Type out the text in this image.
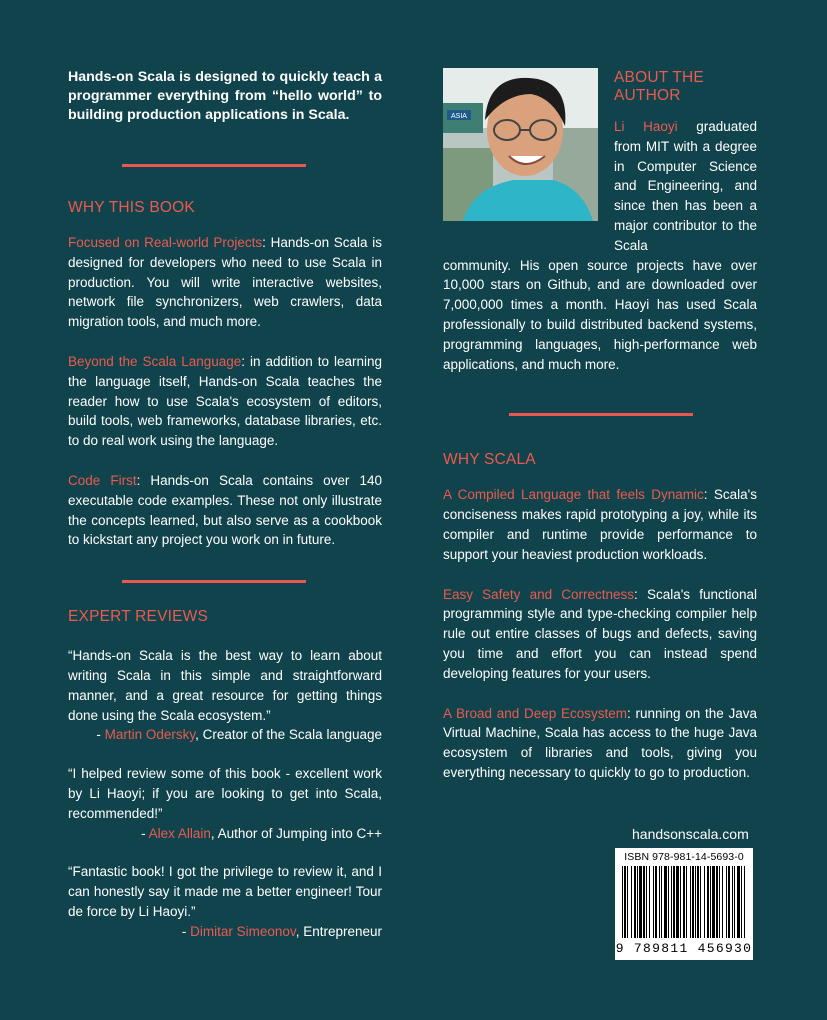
Hands-on Scala is designed to quickly teach a programmer everything from “hello world” to building production applications in Scala.

WHY THIS BOOK

Focused on Real-world Projects: Hands-on Scala is designed for developers who need to use Scala in production. You will write interactive websites, network file synchronizers, web crawlers, data migration tools, and much more.

Beyond the Scala Language: in addition to learning the language itself, Hands-on Scala teaches the reader how to use Scala's ecosystem of editors, build tools, web frameworks, database libraries, etc. to do real work using the language.

Code First: Hands-on Scala contains over 140 executable code examples. These not only illustrate the concepts learned, but also serve as a cookbook to kickstart any project you work on in future.

EXPERT REVIEWS

“Hands-on Scala is the best way to learn about writing Scala in this simple and straightforward manner, and a great resource for getting things done using the Scala ecosystem.”

- Martin Odersky, Creator of the Scala language

“I helped review some of this book - excellent work by Li Haoyi; if you are looking to get into Scala, recommended!”

- Alex Allain, Author of Jumping into C++

“Fantastic book! I got the privilege to review it, and I can honestly say it made me a better engineer! Tour de force by Li Haoyi.”

- Dimitar Simeonov, Entrepreneur
ASIA
ABOUT THE AUTHOR

Li Haoyi graduated from MIT with a degree in Computer Science and Engineering, and since then has been a major contributor to the Scala

community. His open source projects have over 10,000 stars on Github, and are downloaded over 7,000,000 times a month. Haoyi has used Scala professionally to build distributed backend systems, programming languages, high-performance web applications, and much more.

WHY SCALA

A Compiled Language that feels Dynamic: Scala's conciseness makes rapid prototyping a joy, while its compiler and runtime provide performance to support your heaviest production workloads.

Easy Safety and Correctness: Scala's functional programming style and type-checking compiler help rule out entire classes of bugs and defects, saving you time and effort you can instead spend developing features for your users.

A Broad and Deep Ecosystem: running on the Java Virtual Machine, Scala has access to the huge Java ecosystem of libraries and tools, giving you everything necessary to quickly to go to production.

handsonscala.com
ISBN 978-981-14-5693-0
9 789811 456930
